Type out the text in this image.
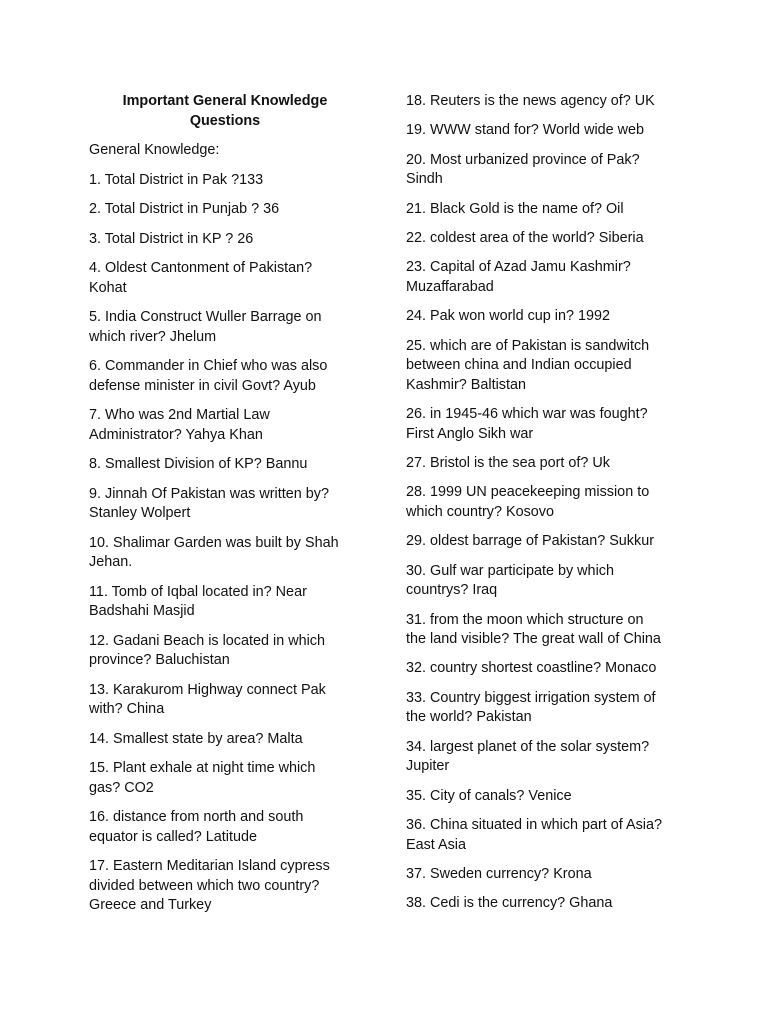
Important General Knowledge
Questions
General Knowledge:
1. Total District in Pak ?133
2. Total District in Punjab ? 36
3. Total District in KP ? 26
4. Oldest Cantonment of Pakistan?
Kohat
5. India Construct Wuller Barrage on
which river? Jhelum
6. Commander in Chief who was also
defense minister in civil Govt? Ayub
7. Who was 2nd Martial Law
Administrator? Yahya Khan
8. Smallest Division of KP? Bannu
9. Jinnah Of Pakistan was written by?
Stanley Wolpert
10. Shalimar Garden was built by Shah
Jehan.
11. Tomb of Iqbal located in? Near
Badshahi Masjid
12. Gadani Beach is located in which
province? Baluchistan
13. Karakurom Highway connect Pak
with? China
14. Smallest state by area? Malta
15. Plant exhale at night time which
gas? CO2
16. distance from north and south
equator is called? Latitude
17. Eastern Meditarian Island cypress
divided between which two country?
Greece and Turkey
18. Reuters is the news agency of? UK
19. WWW stand for? World wide web
20. Most urbanized province of Pak?
Sindh
21. Black Gold is the name of? Oil
22. coldest area of the world? Siberia
23. Capital of Azad Jamu Kashmir?
Muzaffarabad
24. Pak won world cup in? 1992
25. which are of Pakistan is sandwitch
between china and Indian occupied
Kashmir? Baltistan
26. in 1945-46 which war was fought?
First Anglo Sikh war
27. Bristol is the sea port of? Uk
28. 1999 UN peacekeeping mission to
which country? Kosovo
29. oldest barrage of Pakistan? Sukkur
30. Gulf war participate by which
countrys? Iraq
31. from the moon which structure on
the land visible? The great wall of China
32. country shortest coastline? Monaco
33. Country biggest irrigation system of
the world? Pakistan
34. largest planet of the solar system?
Jupiter
35. City of canals? Venice
36. China situated in which part of Asia?
East Asia
37. Sweden currency? Krona
38. Cedi is the currency? Ghana
